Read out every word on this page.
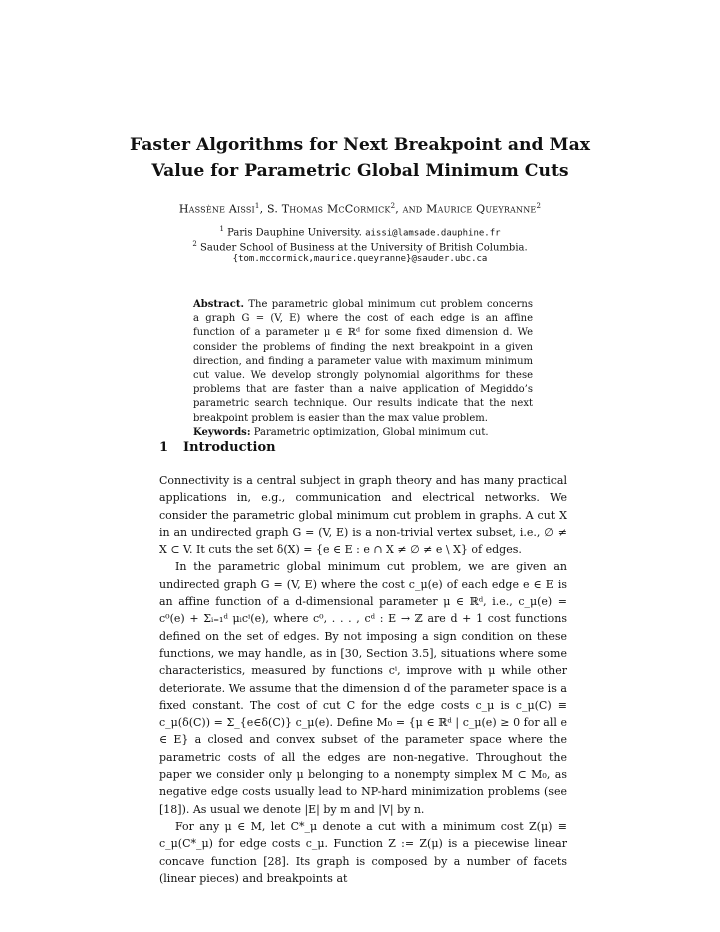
Faster Algorithms for Next Breakpoint and Max
Value for Parametric Global Minimum Cuts
Hassène Aissi$^1$, S. Thomas McCormick$^2$, and Maurice Queyranne$^2$
$^1$ Paris Dauphine University. aissi@lamsade.dauphine.fr
$^2$ Sauder School of Business at the University of British Columbia.
{tom.mccormick,maurice.queyranne}@sauder.ubc.ca
Abstract. The parametric global minimum cut problem concerns a graph G = (V, E) where the cost of each edge is an affine function of a parameter μ ∈ ℝᵈ for some fixed dimension d. We consider the problems of finding the next breakpoint in a given direction, and finding a parameter value with maximum minimum cut value. We develop strongly polynomial algorithms for these problems that are faster than a naive application of Megiddo’s parametric search technique. Our results indicate that the next breakpoint problem is easier than the max value problem.
Keywords: Parametric optimization, Global minimum cut.
1 Introduction

Connectivity is a central subject in graph theory and has many practical applications in, e.g., communication and electrical networks. We consider the parametric global minimum cut problem in graphs. A cut X in an undirected graph G = (V, E) is a non-trivial vertex subset, i.e., ∅ ≠ X ⊂ V. It cuts the set δ(X) = {e ∈ E : e ∩ X ≠ ∅ ≠ e \ X} of edges.

In the parametric global minimum cut problem, we are given an undirected graph G = (V, E) where the cost c_μ(e) of each edge e ∈ E is an affine function of a d-dimensional parameter μ ∈ ℝᵈ, i.e., c_μ(e) = c⁰(e) + Σᵢ₌₁ᵈ μᵢcⁱ(e), where c⁰, . . . , cᵈ : E → ℤ are d + 1 cost functions defined on the set of edges. By not imposing a sign condition on these functions, we may handle, as in [30, Section 3.5], situations where some characteristics, measured by functions cⁱ, improve with μ while other deteriorate. We assume that the dimension d of the parameter space is a fixed constant. The cost of cut C for the edge costs c_μ is c_μ(C) ≡ c_μ(δ(C)) = Σ_{e∈δ(C)} c_μ(e). Define M₀ = {μ ∈ ℝᵈ | c_μ(e) ≥ 0 for all e ∈ E} a closed and convex subset of the parameter space where the parametric costs of all the edges are non-negative. Throughout the paper we consider only μ belonging to a nonempty simplex M ⊂ M₀, as negative edge costs usually lead to NP-hard minimization problems (see [18]). As usual we denote |E| by m and |V| by n.

For any μ ∈ M, let C*_μ denote a cut with a minimum cost Z(μ) ≡ c_μ(C*_μ) for edge costs c_μ. Function Z := Z(μ) is a piecewise linear concave function [28]. Its graph is composed by a number of facets (linear pieces) and breakpoints at
